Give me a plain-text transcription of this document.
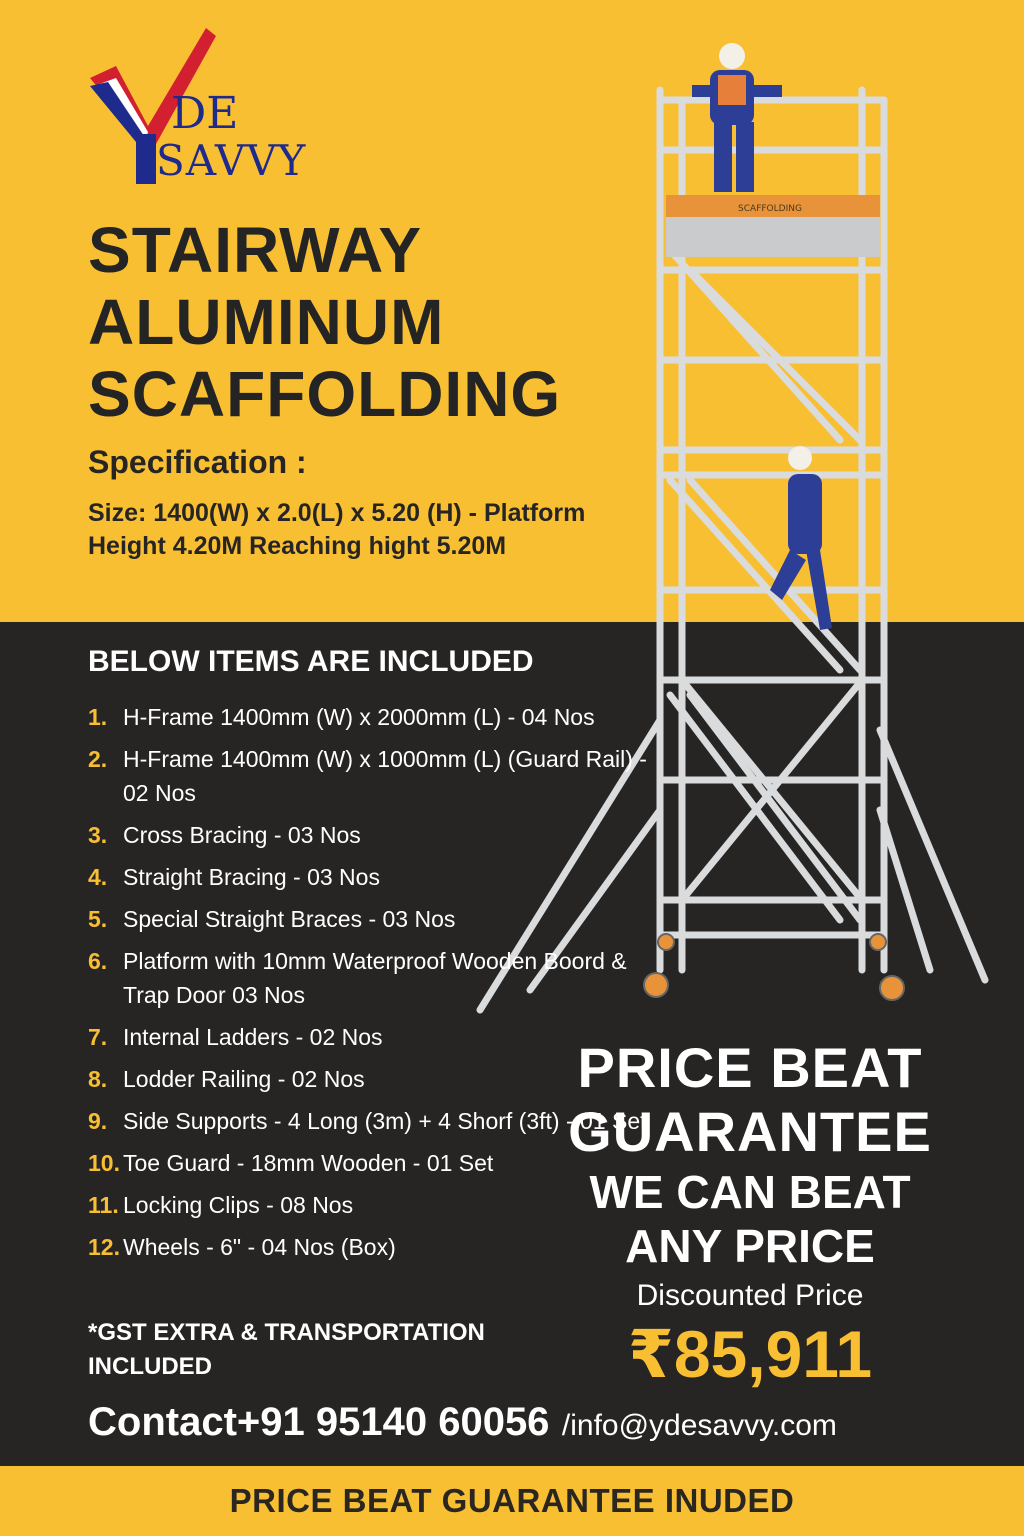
DE
SAVVY
STAIRWAY
ALUMINUM
SCAFFOLDING
Specification :
Size: 1400(W) x 2.0(L) x 5.20 (H) - Platform Height 4.20M Reaching hight 5.20M
SCAFFOLDING
BELOW ITEMS ARE INCLUDED
1. H-Frame 1400mm (W) x 2000mm (L) - 04 Nos
2. H-Frame 1400mm (W) x 1000mm (L) (Guard Rail) - 02 Nos
3. Cross Bracing - 03 Nos
4. Straight Bracing - 03 Nos
5. Special Straight Braces - 03 Nos
6. Platform with 10mm Waterproof Wooden Boord & Trap Door 03 Nos
7. Internal Ladders - 02 Nos
8. Lodder Railing - 02 Nos
9. Side Supports - 4 Long (3m) + 4 Shorf (3ft) - 01 Set
10. Toe Guard - 18mm Wooden - 01 Set
11. Locking Clips - 08 Nos
12. Wheels - 6" - 04 Nos (Box)
*GST EXTRA & TRANSPORTATION INCLUDED
PRICE BEAT
GUARANTEE
WE CAN BEAT
ANY PRICE
Discounted Price
₹85,911
Contact+91 95140 60056 /info@ydesavvy.com
PRICE BEAT GUARANTEE INUDED
